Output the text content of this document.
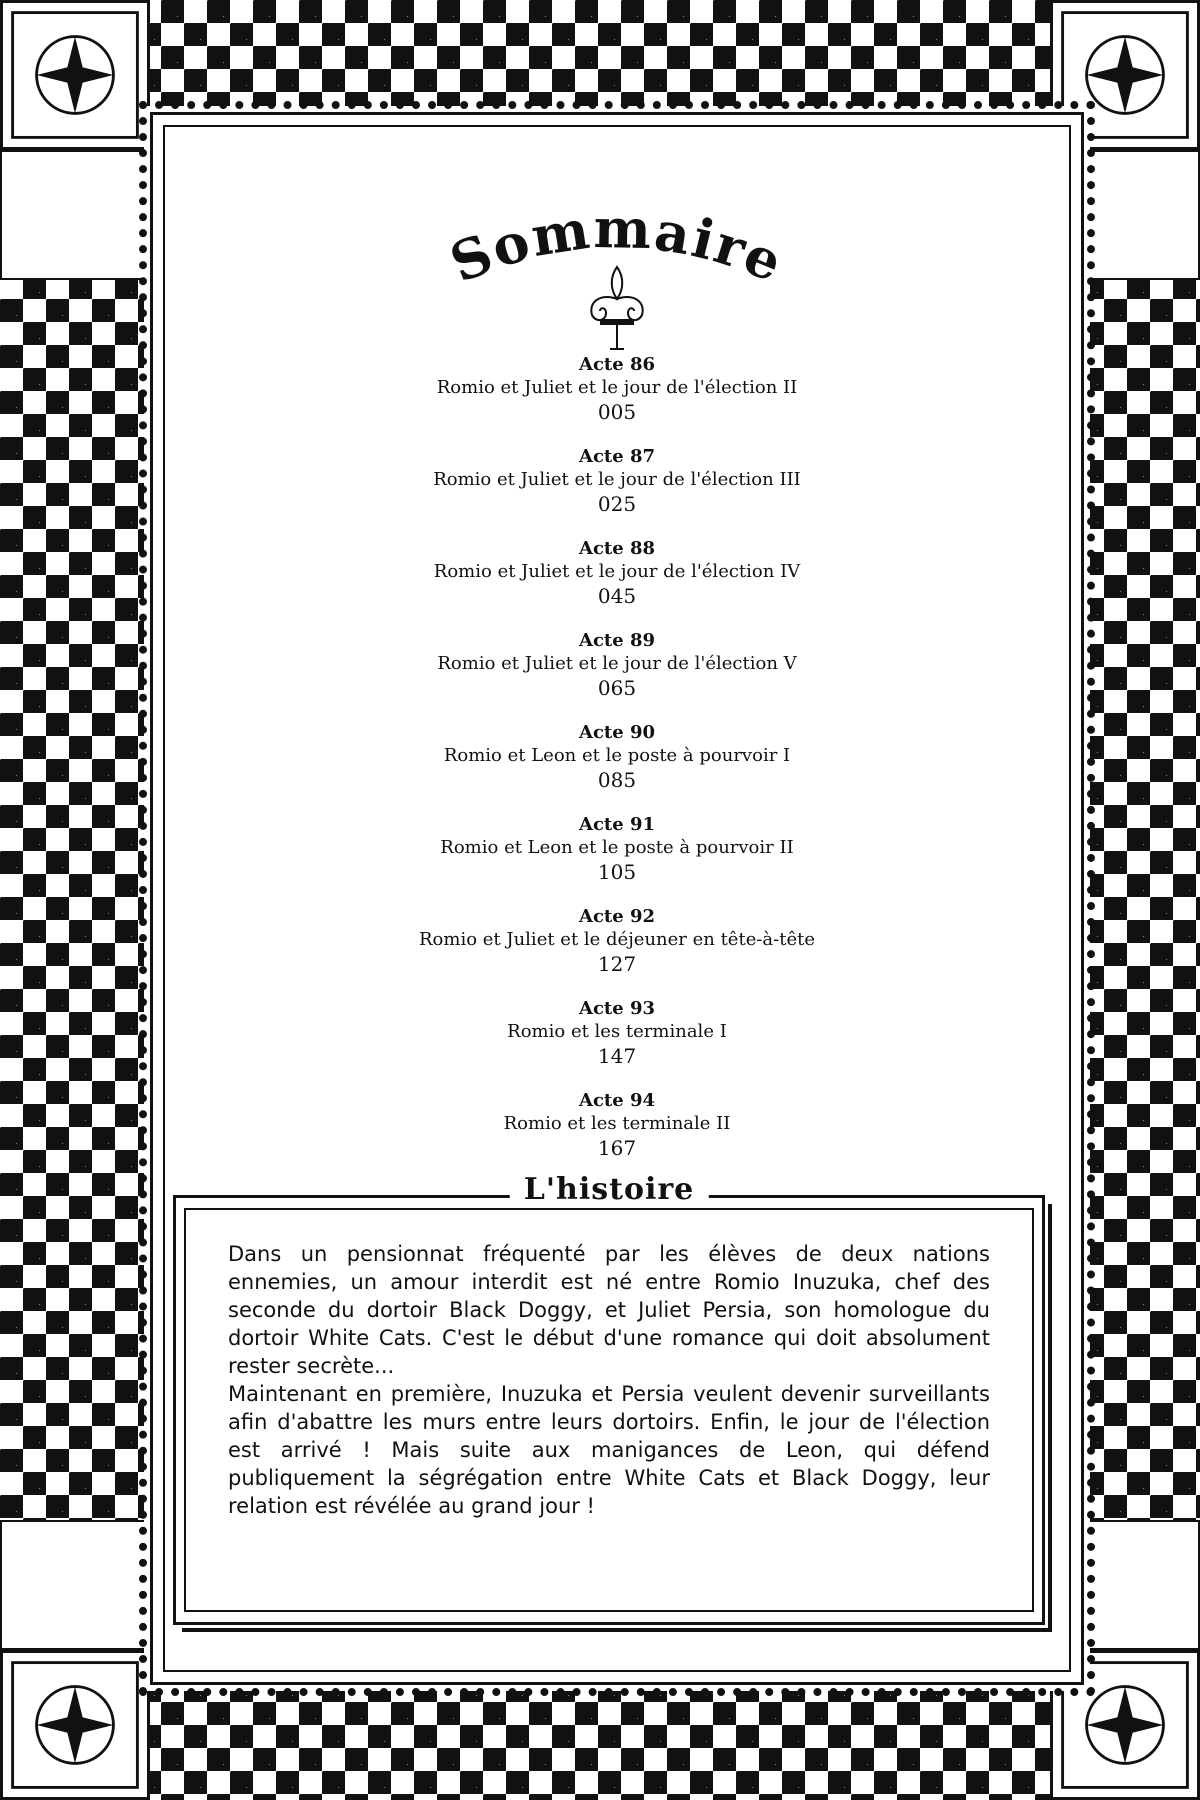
Sommaire
Acte 86
Romio et Juliet et le jour de l'élection II
005
Acte 87
Romio et Juliet et le jour de l'élection III
025
Acte 88
Romio et Juliet et le jour de l'élection IV
045
Acte 89
Romio et Juliet et le jour de l'élection V
065
Acte 90
Romio et Leon et le poste à pourvoir I
085
Acte 91
Romio et Leon et le poste à pourvoir II
105
Acte 92
Romio et Juliet et le déjeuner en tête-à-tête
127
Acte 93
Romio et les terminale I
147
Acte 94
Romio et les terminale II
167
L'histoire

Dans un pensionnat fréquenté par les élèves de deux nations ennemies, un amour interdit est né entre Romio Inuzuka, chef des seconde du dortoir Black Doggy, et Juliet Persia, son homologue du dortoir White Cats. C'est le début d'une romance qui doit absolument rester secrète...

Maintenant en première, Inuzuka et Persia veulent devenir surveillants afin d'abattre les murs entre leurs dortoirs. Enfin, le jour de l'élection est arrivé ! Mais suite aux manigances de Leon, qui défend publiquement la ségrégation entre White Cats et Black Doggy, leur relation est révélée au grand jour !
